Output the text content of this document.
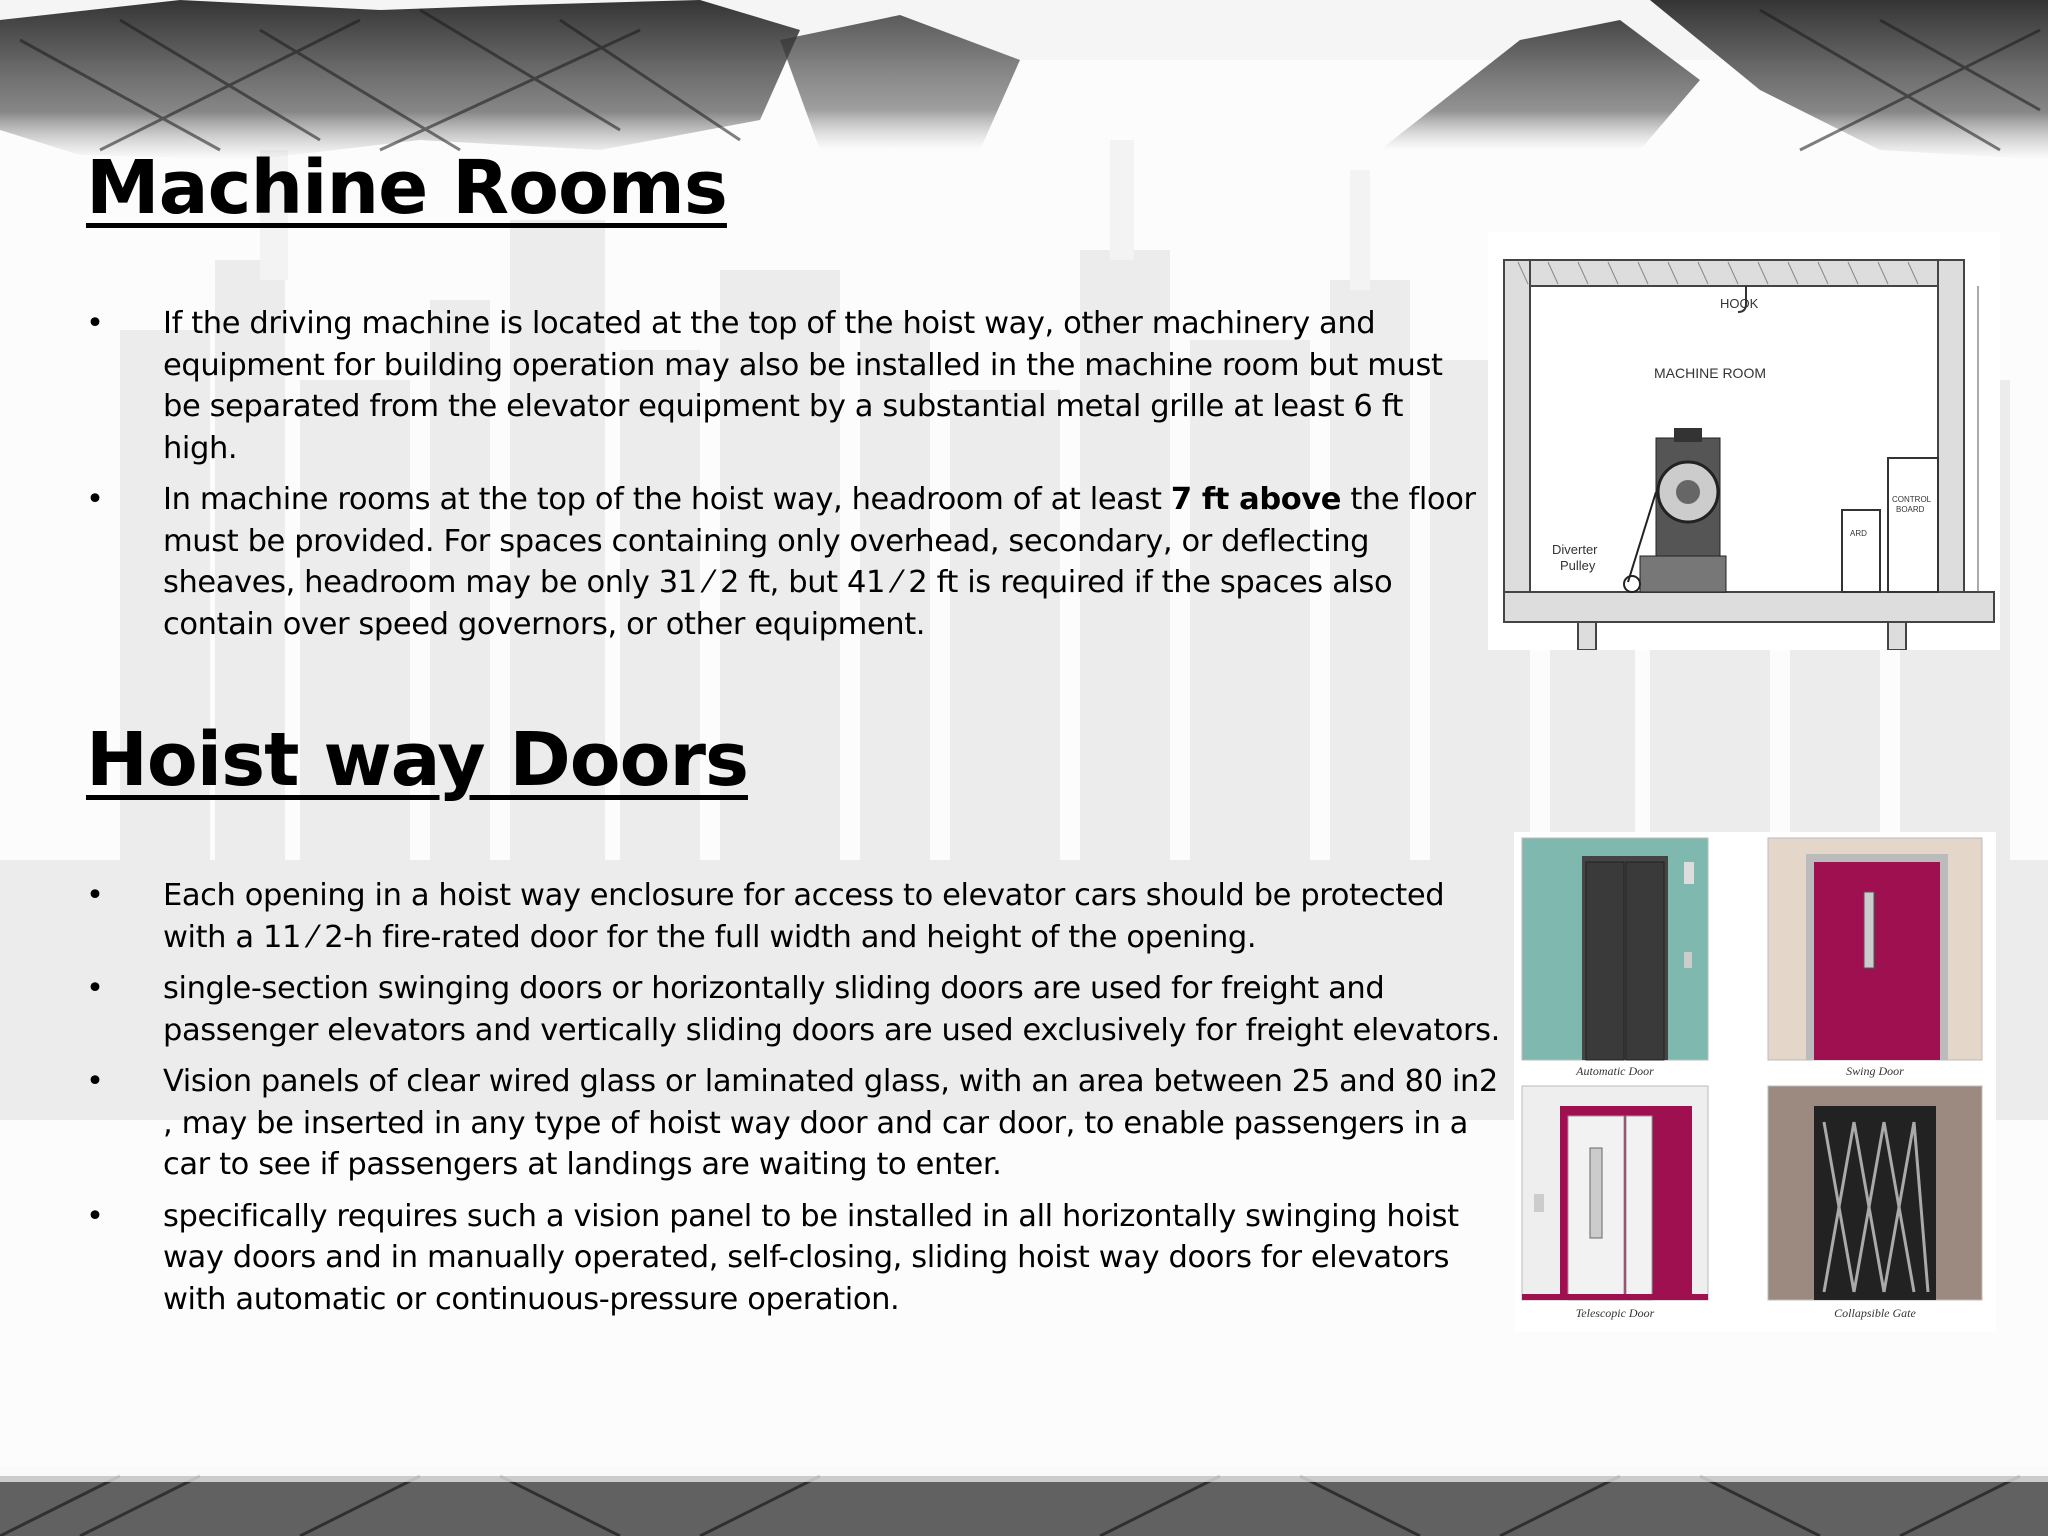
Machine Rooms
• If the driving machine is located at the top of the hoist way, other machinery and equipment for building operation may also be installed in the machine room but must be separated from the elevator equipment by a substantial metal grille at least 6 ft high.
• In machine rooms at the top of the hoist way, headroom of at least 7 ft above the floor must be provided. For spaces containing only overhead, secondary, or deflecting sheaves, headroom may be only 31 ⁄ 2 ft, but 41 ⁄ 2 ft is required if the spaces also contain over speed governors, or other equipment.
HOOK
MACHINE ROOM
Diverter
Pulley
ARD
CONTROL
BOARD
Hoist way Doors
• Each opening in a hoist way enclosure for access to elevator cars should be protected with a 11 ⁄ 2-h fire-rated door for the full width and height of the opening.
• single-section swinging doors or horizontally sliding doors are used for freight and passenger elevators and vertically sliding doors are used exclusively for freight elevators.
• Vision panels of clear wired glass or laminated glass, with an area between 25 and 80 in2 , may be inserted in any type of hoist way door and car door, to enable passengers in a car to see if passengers at landings are waiting to enter.
• specifically requires such a vision panel to be installed in all horizontally swinging hoist way doors and in manually operated, self-closing, sliding hoist way doors for elevators with automatic or continuous-pressure operation.
Automatic Door	Swing Door
Telescopic Door	Collapsible Gate
